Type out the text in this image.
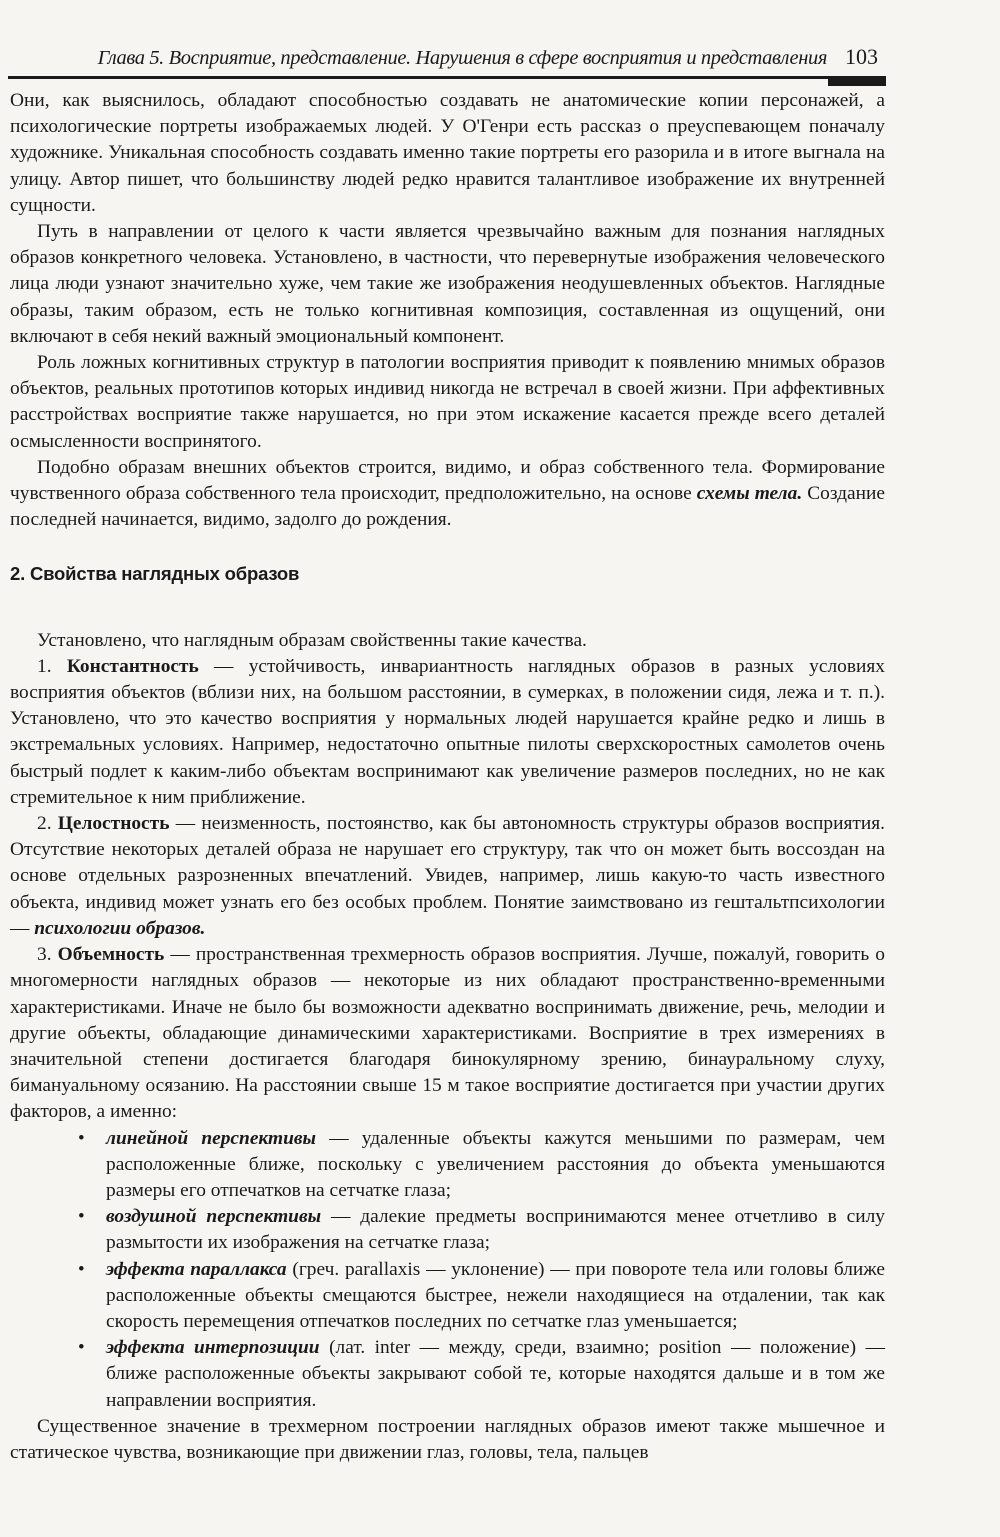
Глава 5. Восприятие, представление. Нарушения в сфере восприятия и представления 103

Они, как выяснилось, обладают способностью создавать не анатомические копии персонажей, а психологические портреты изображаемых людей. У О'Генри есть рассказ о преуспевающем поначалу художнике. Уникальная способность создавать именно такие портреты его разорила и в итоге выгнала на улицу. Автор пишет, что большинству людей редко нравится талантливое изображение их внутренней сущности.

Путь в направлении от целого к части является чрезвычайно важным для познания наглядных образов конкретного человека. Установлено, в частности, что перевернутые изображения человеческого лица люди узнают значительно хуже, чем такие же изображения неодушевленных объектов. Наглядные образы, таким образом, есть не только когнитивная композиция, составленная из ощущений, они включают в себя некий важный эмоциональный компонент.

Роль ложных когнитивных структур в патологии восприятия приводит к появлению мнимых образов объектов, реальных прототипов которых индивид никогда не встречал в своей жизни. При аффективных расстройствах восприятие также нарушается, но при этом искажение касается прежде всего деталей осмысленности воспринятого.

Подобно образам внешних объектов строится, видимо, и образ собственного тела. Формирование чувственного образа собственного тела происходит, предположительно, на основе схемы тела. Создание последней начинается, видимо, задолго до рождения.

2. Свойства наглядных образов

Установлено, что наглядным образам свойственны такие качества.

1. Константность — устойчивость, инвариантность наглядных образов в разных условиях восприятия объектов (вблизи них, на большом расстоянии, в сумерках, в положении сидя, лежа и т. п.). Установлено, что это качество восприятия у нормальных людей нарушается крайне редко и лишь в экстремальных условиях. Например, недостаточно опытные пилоты сверхскоростных самолетов очень быстрый подлет к каким-либо объектам воспринимают как увеличение размеров последних, но не как стремительное к ним приближение.

2. Целостность — неизменность, постоянство, как бы автономность структуры образов восприятия. Отсутствие некоторых деталей образа не нарушает его структуру, так что он может быть воссоздан на основе отдельных разрозненных впечатлений. Увидев, например, лишь какую-то часть известного объекта, индивид может узнать его без особых проблем. Понятие заимствовано из гештальтпсихологии — психологии образов.

3. Объемность — пространственная трехмерность образов восприятия. Лучше, пожалуй, говорить о многомерности наглядных образов — некоторые из них обладают пространственно-временными характеристиками. Иначе не было бы возможности адекватно воспринимать движение, речь, мелодии и другие объекты, обладающие динамическими характеристиками. Восприятие в трех измерениях в значительной степени достигается благодаря бинокулярному зрению, бинауральному слуху, бимануальному осязанию. На расстоянии свыше 15 м такое восприятие достигается при участии других факторов, а именно:

• линейной перспективы — удаленные объекты кажутся меньшими по размерам, чем расположенные ближе, поскольку с увеличением расстояния до объекта уменьшаются размеры его отпечатков на сетчатке глаза;
• воздушной перспективы — далекие предметы воспринимаются менее отчетливо в силу размытости их изображения на сетчатке глаза;
• эффекта параллакса (греч. parallaxis — уклонение) — при повороте тела или головы ближе расположенные объекты смещаются быстрее, нежели находящиеся на отдалении, так как скорость перемещения отпечатков последних по сетчатке глаз уменьшается;
• эффекта интерпозиции (лат. inter — между, среди, взаимно; position — положение) — ближе расположенные объекты закрывают собой те, которые находятся дальше и в том же направлении восприятия.

Существенное значение в трехмерном построении наглядных образов имеют также мышечное и статическое чувства, возникающие при движении глаз, головы, тела, пальцев
